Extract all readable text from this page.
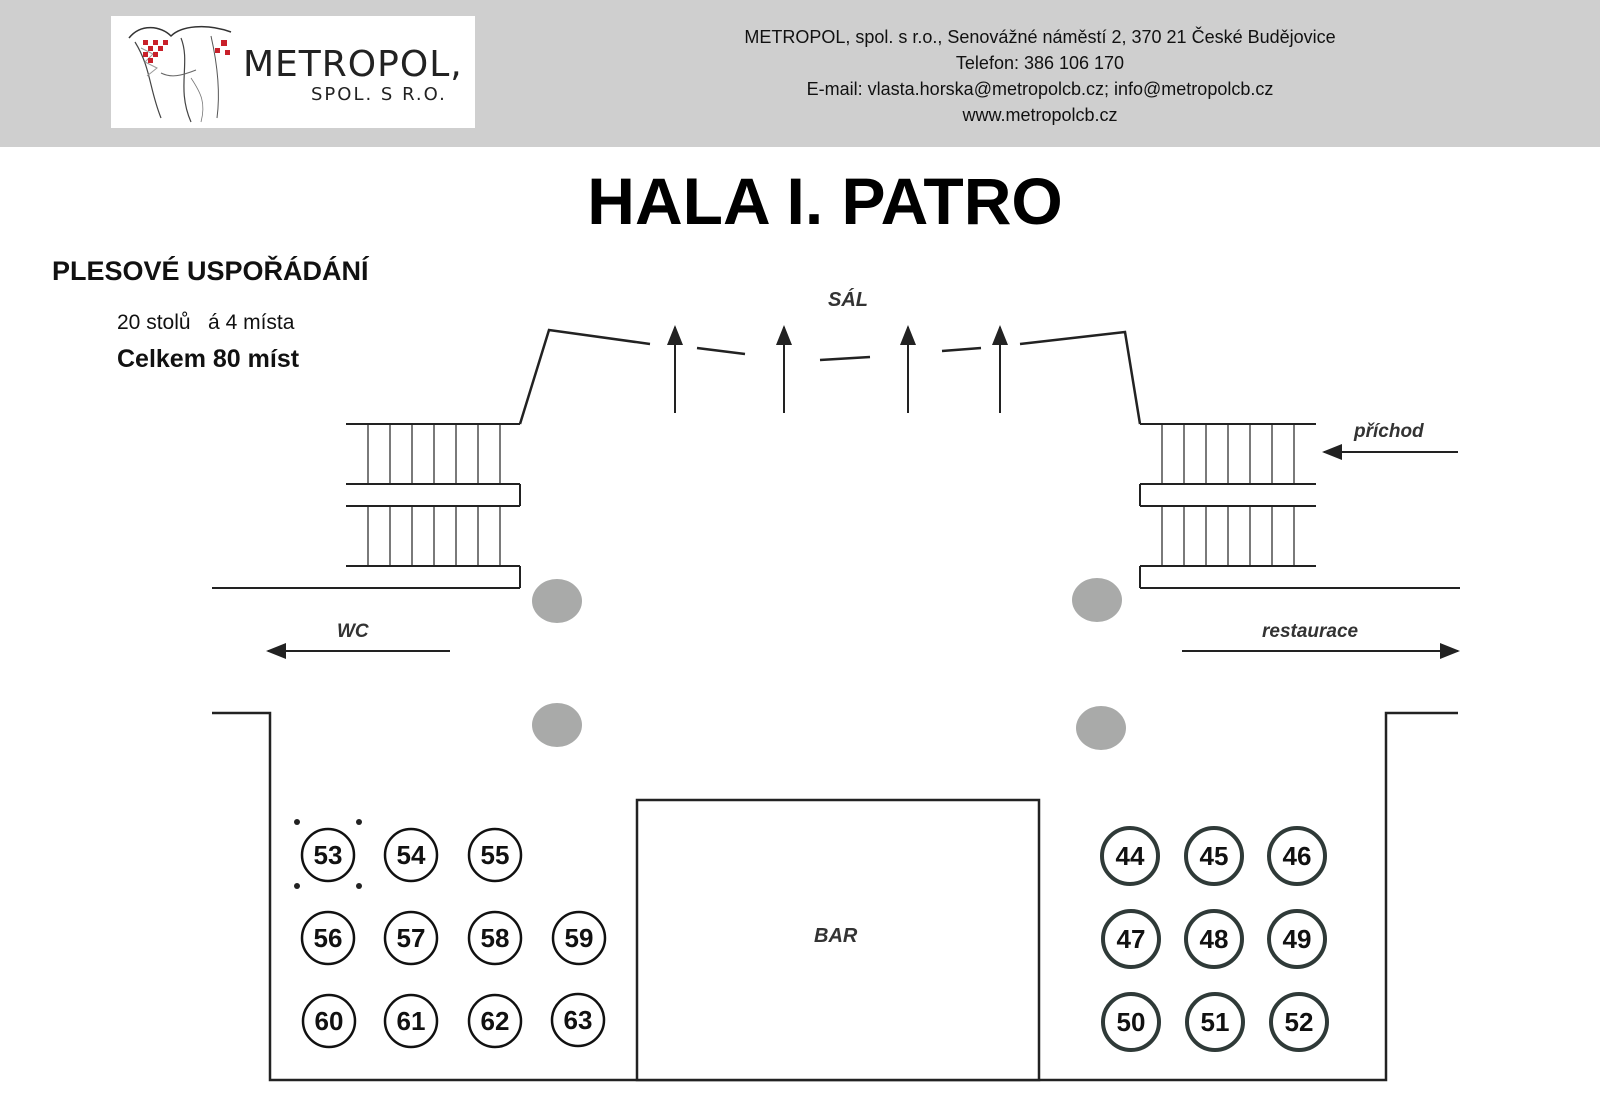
METROPOL,
SPOL. S R.O.
METROPOL, spol. s r.o., Senovážné náměstí 2, 370 21 České Budějovice
Telefon: 386 106 170
E-mail: vlasta.horska@metropolcb.cz; info@metropolcb.cz
www.metropolcb.cz
HALA I. PATRO
PLESOVÉ USPOŘÁDÁNÍ
20 stolů   á 4 místa
Celkem 80 míst
SÁL
příchod
WC	restaurace
BAR
53 54 55
56 57 58 59
60 61 62 63
44 45 46
47 48 49
50 51 52
